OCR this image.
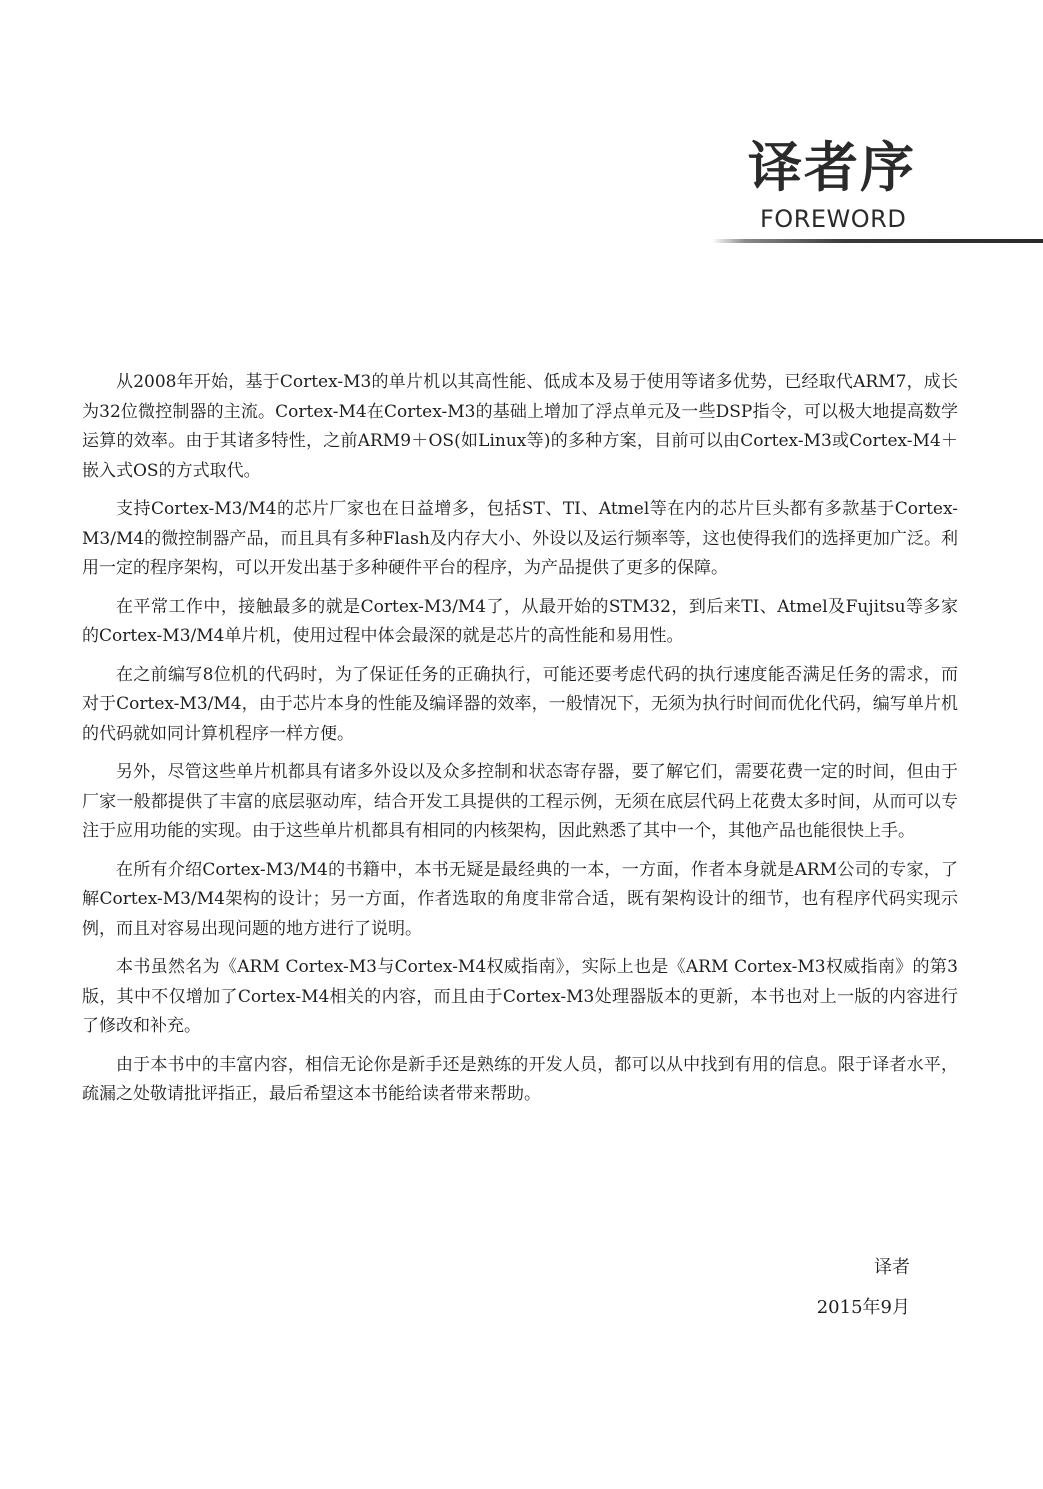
译者序
FOREWORD

从2008年开始，基于Cortex-M3的单片机以其高性能、低成本及易于使用等诸多优势，已经取代ARM7，成长为32位微控制器的主流。Cortex-M4在Cortex-M3的基础上增加了浮点单元及一些DSP指令，可以极大地提高数学运算的效率。由于其诸多特性，之前ARM9＋OS(如Linux等)的多种方案，目前可以由Cortex-M3或Cortex-M4＋嵌入式OS的方式取代。

支持Cortex-M3/M4的芯片厂家也在日益增多，包括ST、TI、Atmel等在内的芯片巨头都有多款基于Cortex-M3/M4的微控制器产品，而且具有多种Flash及内存大小、外设以及运行频率等，这也使得我们的选择更加广泛。利用一定的程序架构，可以开发出基于多种硬件平台的程序，为产品提供了更多的保障。

在平常工作中，接触最多的就是Cortex-M3/M4了，从最开始的STM32，到后来TI、Atmel及Fujitsu等多家的Cortex-M3/M4单片机，使用过程中体会最深的就是芯片的高性能和易用性。

在之前编写8位机的代码时，为了保证任务的正确执行，可能还要考虑代码的执行速度能否满足任务的需求，而对于Cortex-M3/M4，由于芯片本身的性能及编译器的效率，一般情况下，无须为执行时间而优化代码，编写单片机的代码就如同计算机程序一样方便。

另外，尽管这些单片机都具有诸多外设以及众多控制和状态寄存器，要了解它们，需要花费一定的时间，但由于厂家一般都提供了丰富的底层驱动库，结合开发工具提供的工程示例，无须在底层代码上花费太多时间，从而可以专注于应用功能的实现。由于这些单片机都具有相同的内核架构，因此熟悉了其中一个，其他产品也能很快上手。

在所有介绍Cortex-M3/M4的书籍中，本书无疑是最经典的一本，一方面，作者本身就是ARM公司的专家，了解Cortex-M3/M4架构的设计；另一方面，作者选取的角度非常合适，既有架构设计的细节，也有程序代码实现示例，而且对容易出现问题的地方进行了说明。

本书虽然名为《ARM Cortex-M3与Cortex-M4权威指南》，实际上也是《ARM Cortex-M3权威指南》的第3版，其中不仅增加了Cortex-M4相关的内容，而且由于Cortex-M3处理器版本的更新，本书也对上一版的内容进行了修改和补充。

由于本书中的丰富内容，相信无论你是新手还是熟练的开发人员，都可以从中找到有用的信息。限于译者水平，疏漏之处敬请批评指正，最后希望这本书能给读者带来帮助。

译者
2015年9月
